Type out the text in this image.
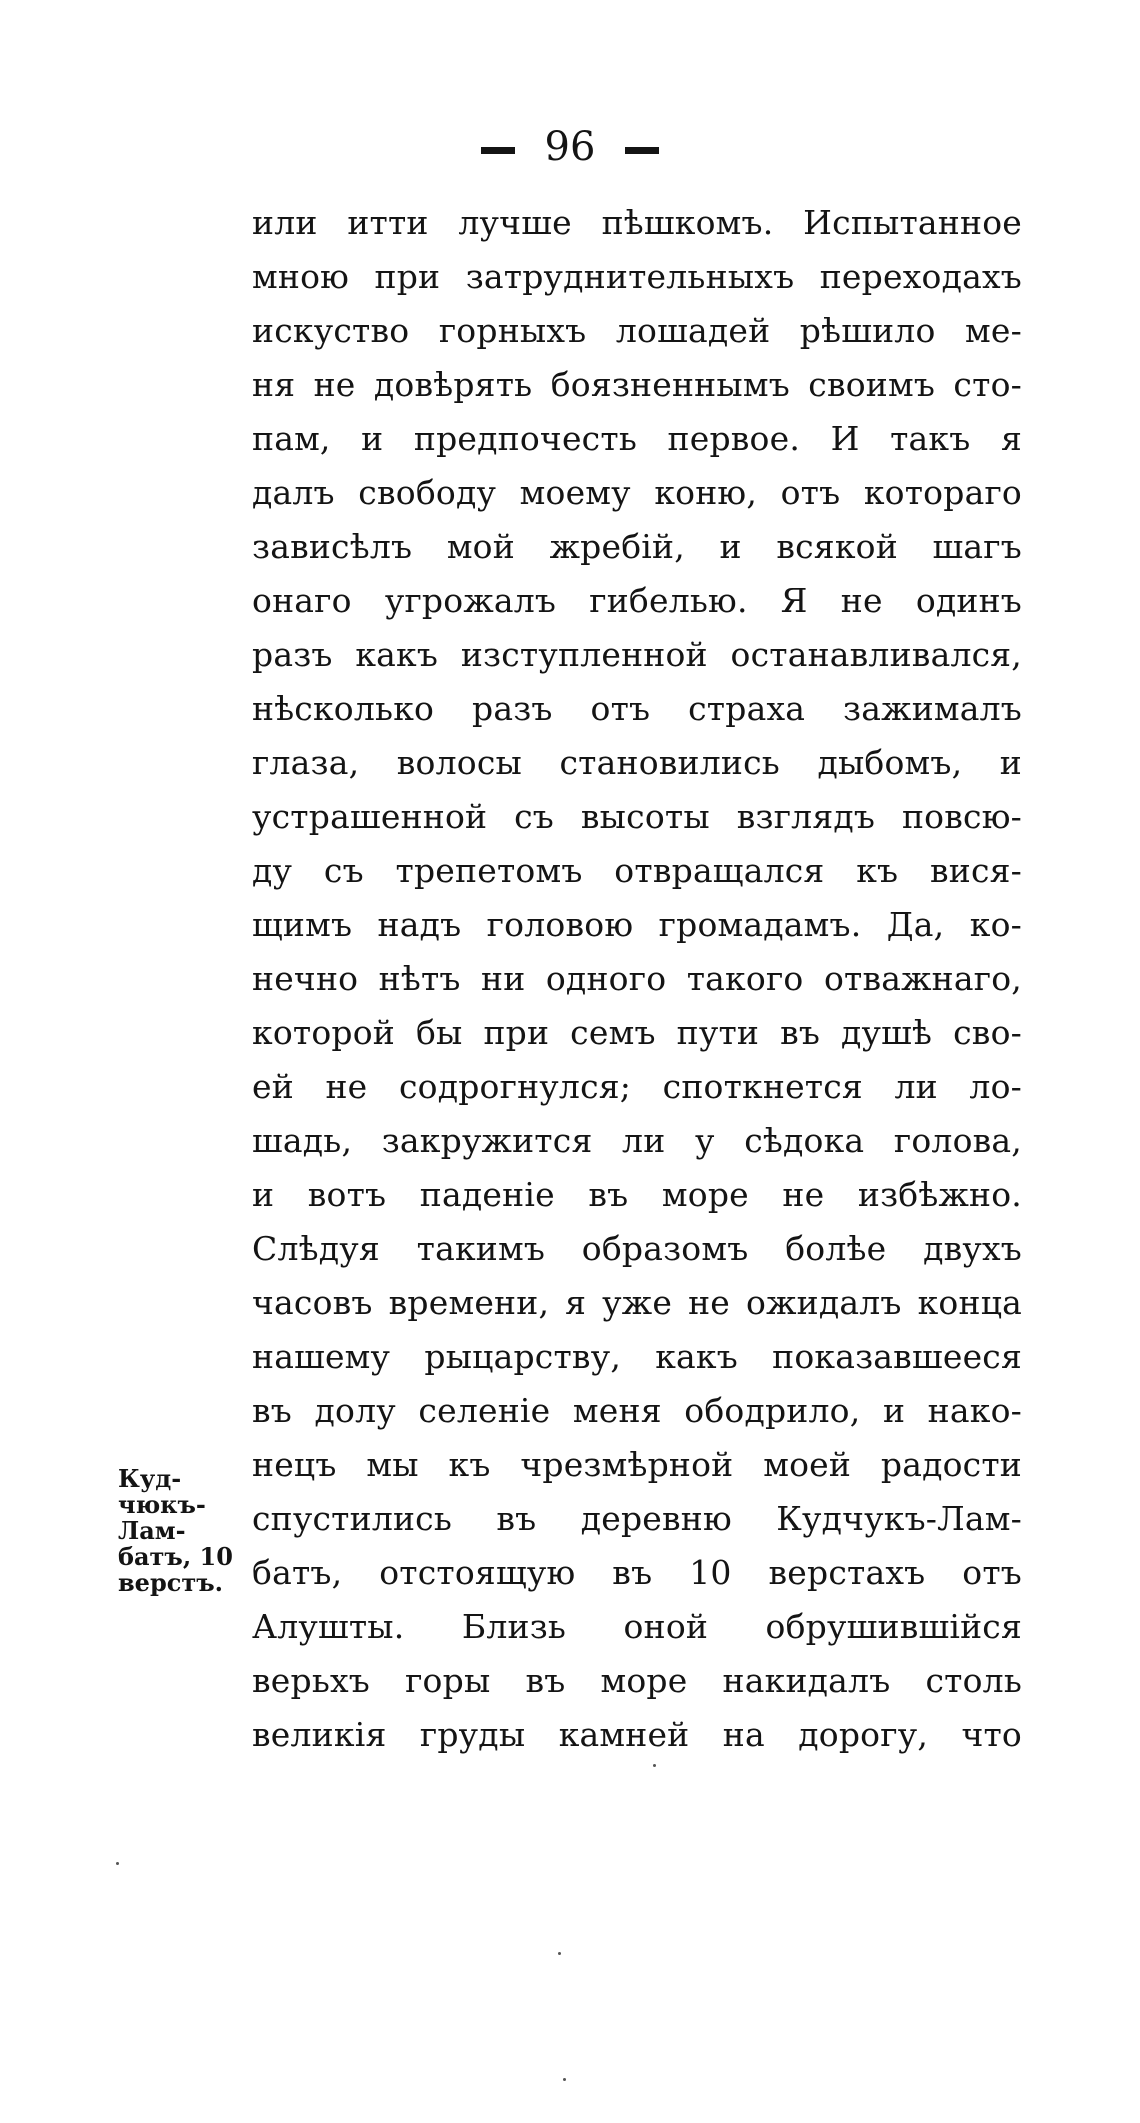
96
или итти лучше пѣшкомъ. Испытанное
мною при затруднительныхъ переходахъ
искуство горныхъ лошадей рѣшило ме-
ня не довѣрять боязненнымъ своимъ сто-
пам, и предпочесть первое. И такъ я
далъ свободу моему коню, отъ котораго
зависѣлъ мой жребій, и всякой шагъ
онаго угрожалъ гибелью. Я не одинъ
разъ какъ изступленной останавливался,
нѣсколько разъ отъ страха зажималъ
глаза, волосы становились дыбомъ, и
устрашенной съ высоты взглядъ повсю-
ду съ трепетомъ отвращался къ вися-
щимъ надъ головою громадамъ. Да, ко-
нечно нѣтъ ни одного такого отважнаго,
которой бы при семъ пути въ душѣ сво-
ей не содрогнулся; споткнется ли ло-
шадь, закружится ли у сѣдока голова,
и вотъ паденіе въ море не избѣжно.
Слѣдуя такимъ образомъ болѣе двухъ
часовъ времени, я уже не ожидалъ конца
нашему рыцарству, какъ показавшееся
въ долу селеніе меня ободрило, и нако-
нецъ мы къ чрезмѣрной моей радости
спустились въ деревню Кудчукъ-Лам-
батъ, отстоящую въ 10 верстахъ отъ
Алушты. Близь оной обрушившійся
верьхъ горы въ море накидалъ столь
великія груды камней на дорогу, что
Куд-
чюкъ-
Лам-
батъ, 10
верстъ.
